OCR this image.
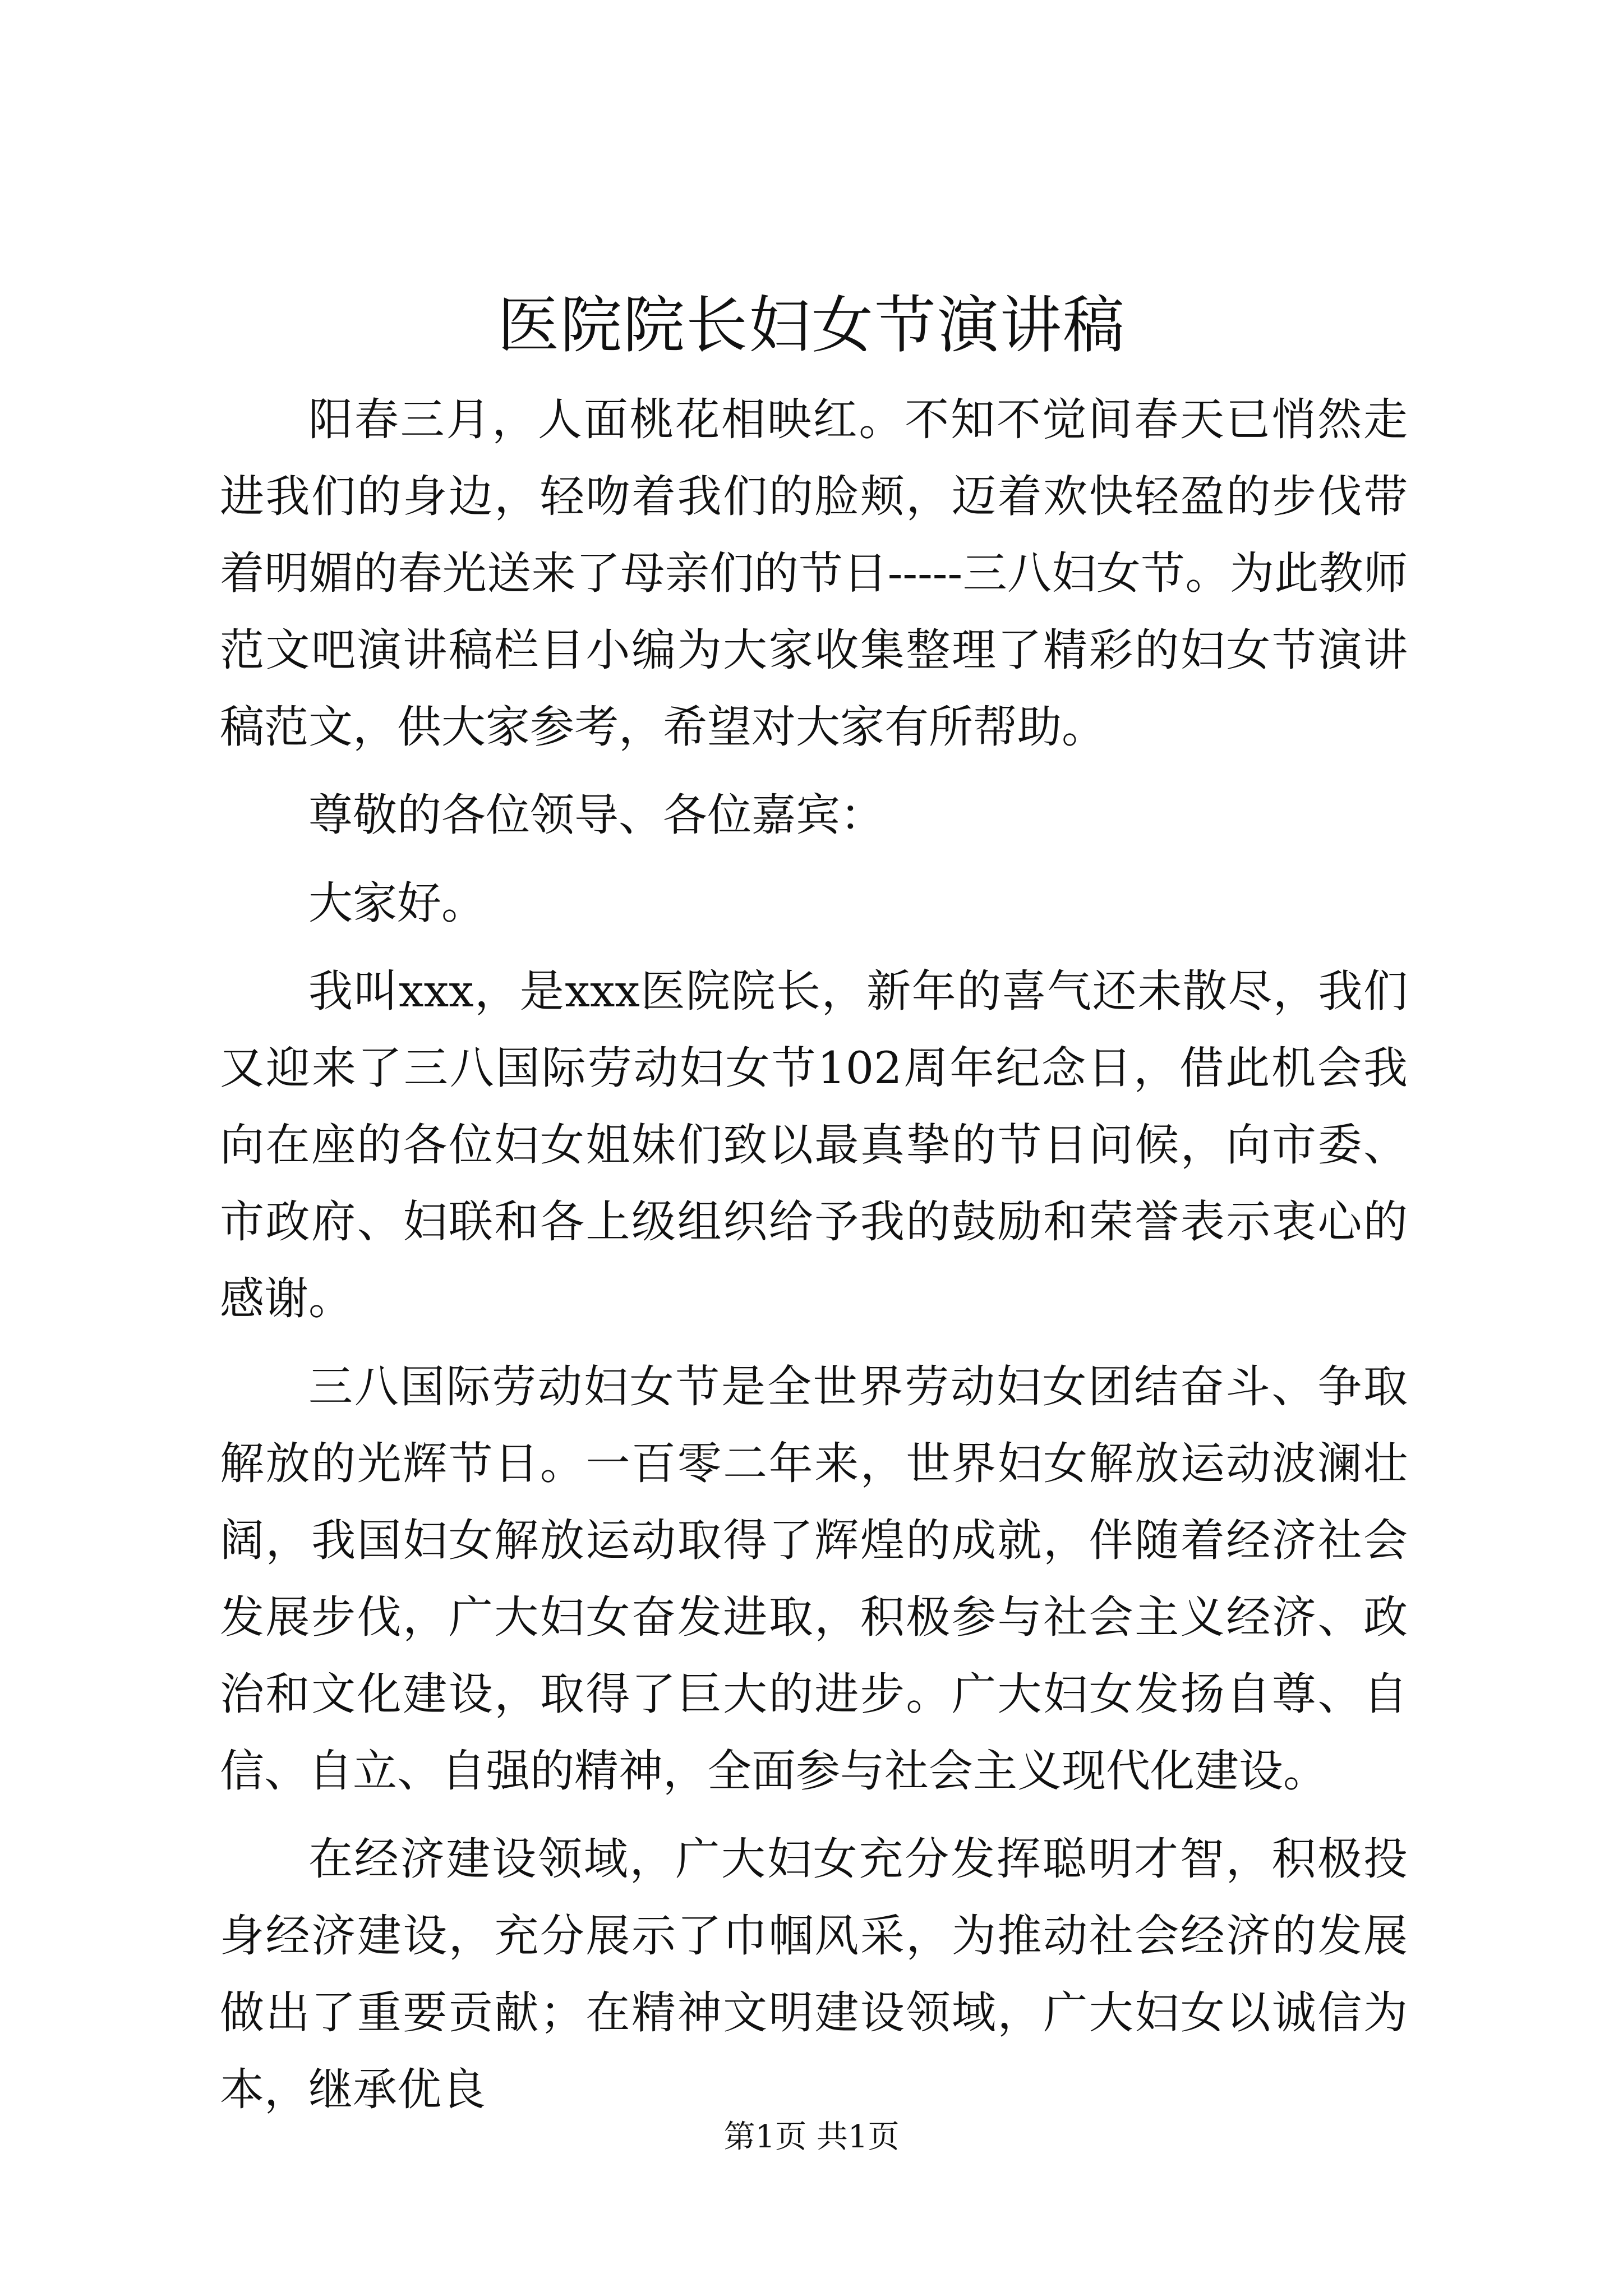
医院院长妇女节演讲稿

阳春三月，人面桃花相映红。不知不觉间春天已悄然走进我们的身边，轻吻着我们的脸颊，迈着欢快轻盈的步伐带着明媚的春光送来了母亲们的节日-----三八妇女节。为此教师范文吧演讲稿栏目小编为大家收集整理了精彩的妇女节演讲稿范文，供大家参考，希望对大家有所帮助。

尊敬的各位领导、各位嘉宾：

大家好。

我叫xxx，是xxx医院院长，新年的喜气还未散尽，我们又迎来了三八国际劳动妇女节102周年纪念日，借此机会我向在座的各位妇女姐妹们致以最真挚的节日问候，向市委、市政府、妇联和各上级组织给予我的鼓励和荣誉表示衷心的感谢。

三八国际劳动妇女节是全世界劳动妇女团结奋斗、争取解放的光辉节日。一百零二年来，世界妇女解放运动波澜壮阔，我国妇女解放运动取得了辉煌的成就，伴随着经济社会发展步伐，广大妇女奋发进取，积极参与社会主义经济、政治和文化建设，取得了巨大的进步。广大妇女发扬自尊、自信、自立、自强的精神，全面参与社会主义现代化建设。

在经济建设领域，广大妇女充分发挥聪明才智，积极投身经济建设，充分展示了巾帼风采，为推动社会经济的发展做出了重要贡献；在精神文明建设领域，广大妇女以诚信为本，继承优良

第1页 共1页
